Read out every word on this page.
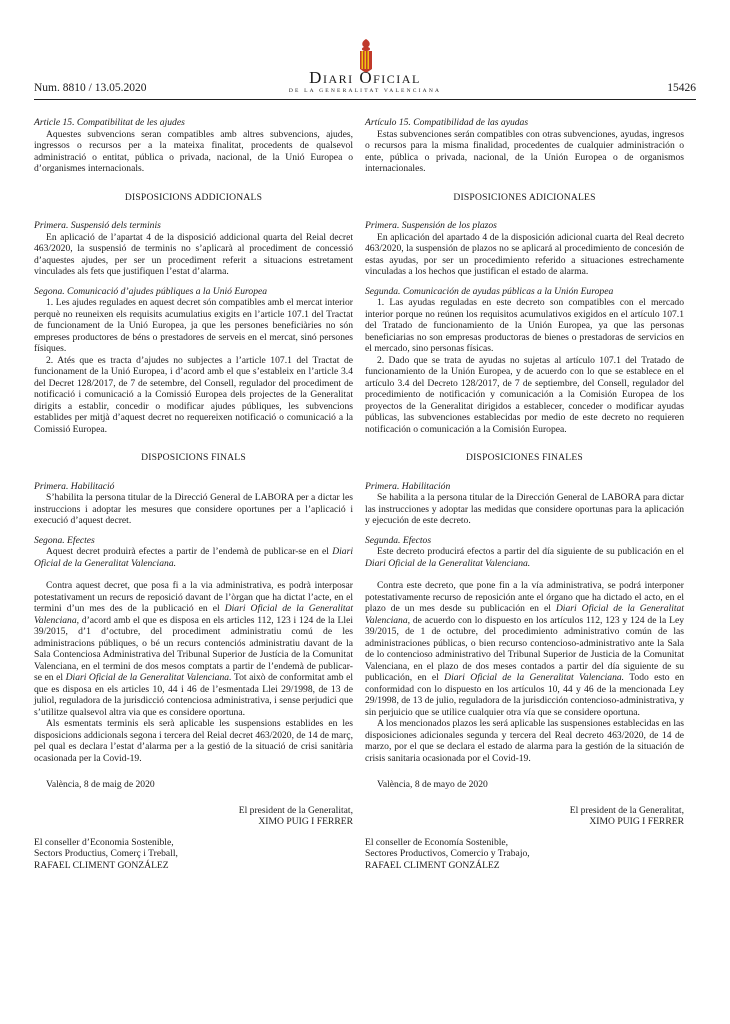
Diari Oficial
DE LA GENERALITAT VALENCIANA
Num. 8810 / 13.05.2020	15426

Article 15. Compatibilitat de les ajudes

Aquestes subvencions seran compatibles amb altres subvencions, ajudes, ingressos o recursos per a la mateixa finalitat, procedents de qualsevol administració o entitat, pública o privada, nacional, de la Unió Europea o d’organismes internacionals.

DISPOSICIONS ADDICIONALS

Primera. Suspensió dels terminis

En aplicació de l’apartat 4 de la disposició addicional quarta del Reial decret 463/2020, la suspensió de terminis no s’aplicarà al procediment de concessió d’aquestes ajudes, per ser un procediment referit a situacions estretament vinculades als fets que justifiquen l’estat d’alarma.

Segona. Comunicació d’ajudes públiques a la Unió Europea

1. Les ajudes regulades en aquest decret són compatibles amb el mercat interior perquè no reuneixen els requisits acumulatius exigits en l’article 107.1 del Tractat de funcionament de la Unió Europea, ja que les persones beneficiàries no són empreses productores de béns o prestadores de serveis en el mercat, sinó persones físiques.

2. Atés que es tracta d’ajudes no subjectes a l’article 107.1 del Tractat de funcionament de la Unió Europea, i d’acord amb el que s’estableix en l’article 3.4 del Decret 128/2017, de 7 de setembre, del Consell, regulador del procediment de notificació i comunicació a la Comissió Europea dels projectes de la Generalitat dirigits a establir, concedir o modificar ajudes públiques, les subvencions establides per mitjà d’aquest decret no requereixen notificació o comunicació a la Comissió Europea.

DISPOSICIONS FINALS

Primera. Habilitació

S’habilita la persona titular de la Direcció General de LABORA per a dictar les instruccions i adoptar les mesures que considere oportunes per a l’aplicació i execució d’aquest decret.

Segona. Efectes

Aquest decret produirà efectes a partir de l’endemà de publicar-se en el Diari Oficial de la Generalitat Valenciana.

Contra aquest decret, que posa fi a la via administrativa, es podrà interposar potestativament un recurs de reposició davant de l’òrgan que ha dictat l’acte, en el termini d’un mes des de la publicació en el Diari Oficial de la Generalitat Valenciana, d’acord amb el que es disposa en els articles 112, 123 i 124 de la Llei 39/2015, d’1 d’octubre, del procediment administratiu comú de les administracions públiques, o bé un recurs contenciós administratiu davant de la Sala Contenciosa Administrativa del Tribunal Superior de Justícia de la Comunitat Valenciana, en el termini de dos mesos comptats a partir de l’endemà de publicar-se en el Diari Oficial de la Generalitat Valenciana. Tot això de conformitat amb el que es disposa en els articles 10, 44 i 46 de l’esmentada Llei 29/1998, de 13 de juliol, reguladora de la jurisdicció contenciosa administrativa, i sense perjudici que s’utilitze qualsevol altra via que es considere oportuna.

Als esmentats terminis els serà aplicable les suspensions establides en les disposicions addicionals segona i tercera del Reial decret 463/2020, de 14 de març, pel qual es declara l’estat d’alarma per a la gestió de la situació de crisi sanitària ocasionada per la Covid-19.

València, 8 de maig de 2020

El president de la Generalitat,

XIMO PUIG I FERRER

El conseller d’Economia Sostenible,

Sectors Productius, Comerç i Treball,

RAFAEL CLIMENT GONZÁLEZ

Artículo 15. Compatibilidad de las ayudas

Estas subvenciones serán compatibles con otras subvenciones, ayudas, ingresos o recursos para la misma finalidad, procedentes de cualquier administración o ente, pública o privada, nacional, de la Unión Europea o de organismos internacionales.

DISPOSICIONES ADICIONALES

Primera. Suspensión de los plazos

En aplicación del apartado 4 de la disposición adicional cuarta del Real decreto 463/2020, la suspensión de plazos no se aplicará al procedimiento de concesión de estas ayudas, por ser un procedimiento referido a situaciones estrechamente vinculadas a los hechos que justifican el estado de alarma.

Segunda. Comunicación de ayudas públicas a la Unión Europea

1. Las ayudas reguladas en este decreto son compatibles con el mercado interior porque no reúnen los requisitos acumulativos exigidos en el artículo 107.1 del Tratado de funcionamiento de la Unión Europea, ya que las personas beneficiarias no son empresas productoras de bienes o prestadoras de servicios en el mercado, sino personas físicas.

2. Dado que se trata de ayudas no sujetas al artículo 107.1 del Tratado de funcionamiento de la Unión Europea, y de acuerdo con lo que se establece en el artículo 3.4 del Decreto 128/2017, de 7 de septiembre, del Consell, regulador del procedimiento de notificación y comunicación a la Comisión Europea de los proyectos de la Generalitat dirigidos a establecer, conceder o modificar ayudas públicas, las subvenciones establecidas por medio de este decreto no requieren notificación o comunicación a la Comisión Europea.

DISPOSICIONES FINALES

Primera. Habilitación

Se habilita a la persona titular de la Dirección General de LABORA para dictar las instrucciones y adoptar las medidas que considere oportunas para la aplicación y ejecución de este decreto.

Segunda. Efectos

Este decreto producirá efectos a partir del día siguiente de su publicación en el Diari Oficial de la Generalitat Valenciana.

Contra este decreto, que pone fin a la vía administrativa, se podrá interponer potestativamente recurso de reposición ante el órgano que ha dictado el acto, en el plazo de un mes desde su publicación en el Diari Oficial de la Generalitat Valenciana, de acuerdo con lo dispuesto en los artículos 112, 123 y 124 de la Ley 39/2015, de 1 de octubre, del procedimiento administrativo común de las administraciones públicas, o bien recurso contencioso-administrativo ante la Sala de lo contencioso administrativo del Tribunal Superior de Justicia de la Comunitat Valenciana, en el plazo de dos meses contados a partir del día siguiente de su publicación, en el Diari Oficial de la Generalitat Valenciana. Todo esto en conformidad con lo dispuesto en los artículos 10, 44 y 46 de la mencionada Ley 29/1998, de 13 de julio, reguladora de la jurisdicción contencioso-administrativa, y sin perjuicio que se utilice cualquier otra vía que se considere oportuna.

A los mencionados plazos les será aplicable las suspensiones establecidas en las disposiciones adicionales segunda y tercera del Real decreto 463/2020, de 14 de marzo, por el que se declara el estado de alarma para la gestión de la situación de crisis sanitaria ocasionada por el Covid-19.

València, 8 de mayo de 2020

El president de la Generalitat,

XIMO PUIG I FERRER

El conseller de Economía Sostenible,

Sectores Productivos, Comercio y Trabajo,

RAFAEL CLIMENT GONZÁLEZ
